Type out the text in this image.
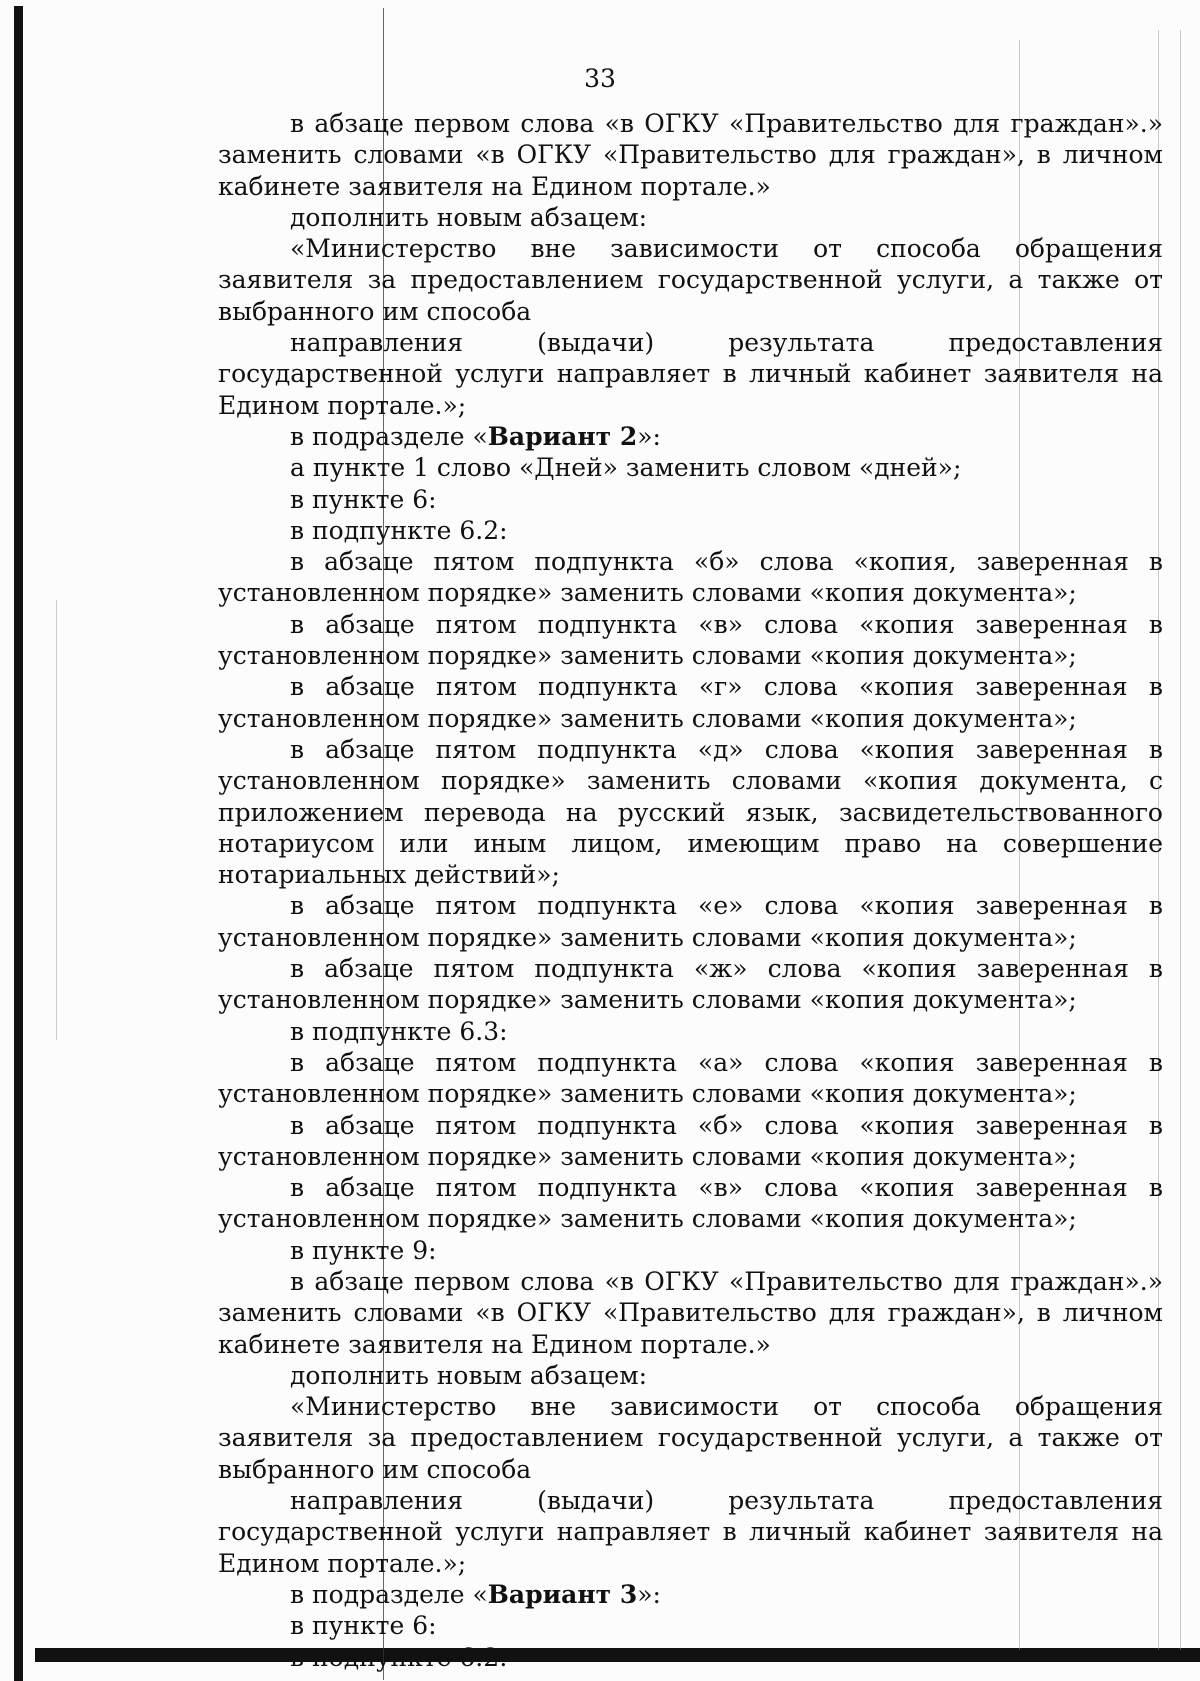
33

в абзаце первом слова «в ОГКУ «Правительство для граждан».» заменить словами «в ОГКУ «Правительство для граждан», в личном кабинете заявителя на Едином портале.»

дополнить новым абзацем:

«Министерство вне зависимости от способа обращения заявителя за предоставлением государственной услуги, а также от выбранного им способа

направления (выдачи) результата предоставления государственной услуги направляет в личный кабинет заявителя на Едином портале.»;

в подразделе «Вариант 2»:

а пункте 1 слово «Дней» заменить словом «дней»;

в пункте 6:

в подпункте 6.2:

в абзаце пятом подпункта «б» слова «копия, заверенная в установленном порядке» заменить словами «копия документа»;

в абзаце пятом подпункта «в» слова «копия заверенная в установленном порядке» заменить словами «копия документа»;

в абзаце пятом подпункта «г» слова «копия заверенная в установленном порядке» заменить словами «копия документа»;

в абзаце пятом подпункта «д» слова «копия заверенная в установленном порядке» заменить словами «копия документа, с приложением перевода на русский язык, засвидетельствованного нотариусом или иным лицом, имеющим право на совершение нотариальных действий»;

в абзаце пятом подпункта «е» слова «копия заверенная в установленном порядке» заменить словами «копия документа»;

в абзаце пятом подпункта «ж» слова «копия заверенная в установленном порядке» заменить словами «копия документа»;

в подпункте 6.3:

в абзаце пятом подпункта «а» слова «копия заверенная в установленном порядке» заменить словами «копия документа»;

в абзаце пятом подпункта «б» слова «копия заверенная в установленном порядке» заменить словами «копия документа»;

в абзаце пятом подпункта «в» слова «копия заверенная в установленном порядке» заменить словами «копия документа»;

в пункте 9:

в абзаце первом слова «в ОГКУ «Правительство для граждан».» заменить словами «в ОГКУ «Правительство для граждан», в личном кабинете заявителя на Едином портале.»

дополнить новым абзацем:

«Министерство вне зависимости от способа обращения заявителя за предоставлением государственной услуги, а также от выбранного им способа

направления (выдачи) результата предоставления государственной услуги направляет в личный кабинет заявителя на Едином портале.»;

в подразделе «Вариант 3»:

в пункте 6:

в подпункте 6.2:
